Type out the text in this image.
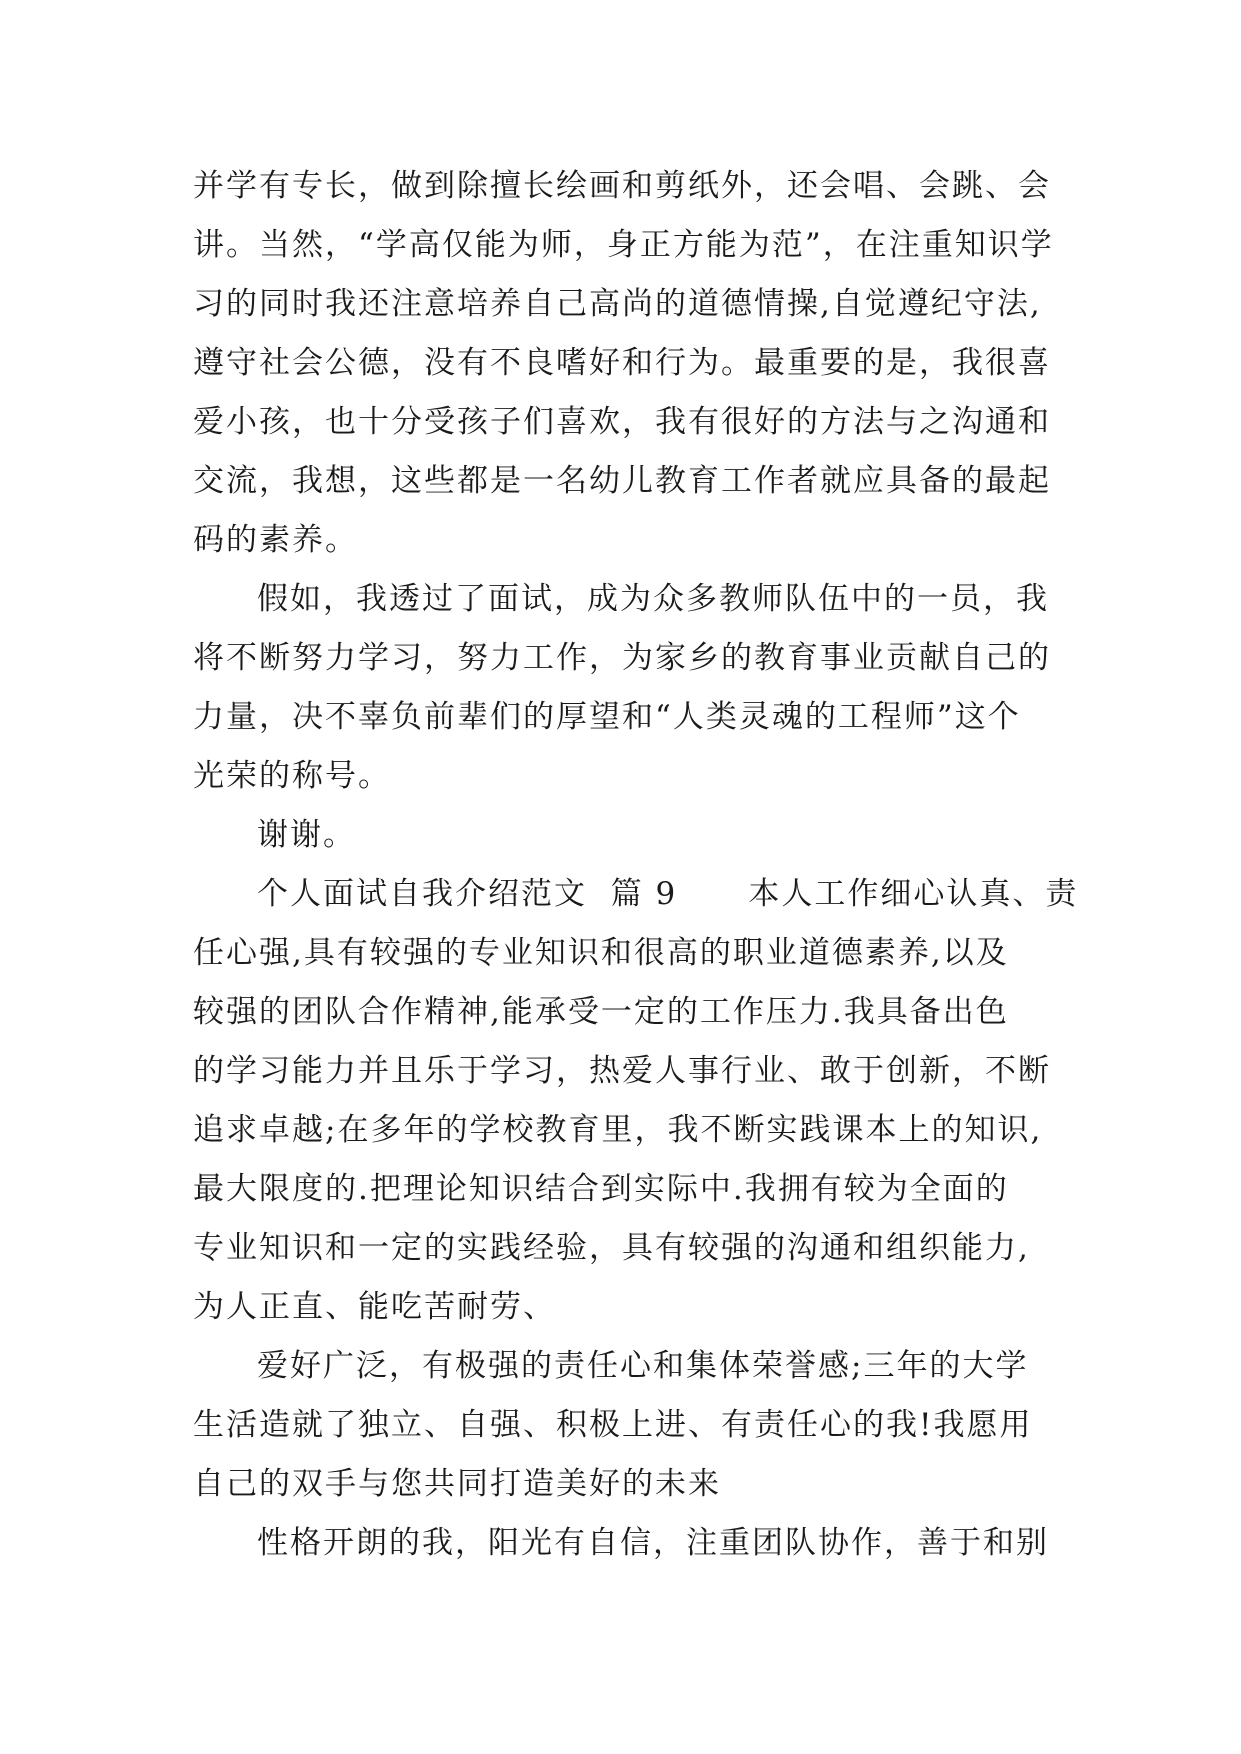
并学有专长，做到除擅长绘画和剪纸外，还会唱、会跳、会
讲。当然，“学高仅能为师，身正方能为范”，在注重知识学
习的同时我还注意培养自己高尚的道德情操,自觉遵纪守法,
遵守社会公德，没有不良嗜好和行为。最重要的是，我很喜
爱小孩，也十分受孩子们喜欢，我有很好的方法与之沟通和
交流，我想，这些都是一名幼儿教育工作者就应具备的最起
码的素养。
假如，我透过了面试，成为众多教师队伍中的一员，我
将不断努力学习，努力工作，为家乡的教育事业贡献自己的
力量，决不辜负前辈们的厚望和“人类灵魂的工程师”这个
光荣的称号。
谢谢。
个人面试自我介绍范文  篇 9      本人工作细心认真、责
任心强,具有较强的专业知识和很高的职业道德素养,以及
较强的团队合作精神,能承受一定的工作压力.我具备出色
的学习能力并且乐于学习，热爱人事行业、敢于创新，不断
追求卓越;在多年的学校教育里，我不断实践课本上的知识,
最大限度的.把理论知识结合到实际中.我拥有较为全面的
专业知识和一定的实践经验，具有较强的沟通和组织能力,
为人正直、能吃苦耐劳、
爱好广泛，有极强的责任心和集体荣誉感;三年的大学
生活造就了独立、自强、积极上进、有责任心的我!我愿用
自己的双手与您共同打造美好的未来
性格开朗的我，阳光有自信，注重团队协作，善于和别
